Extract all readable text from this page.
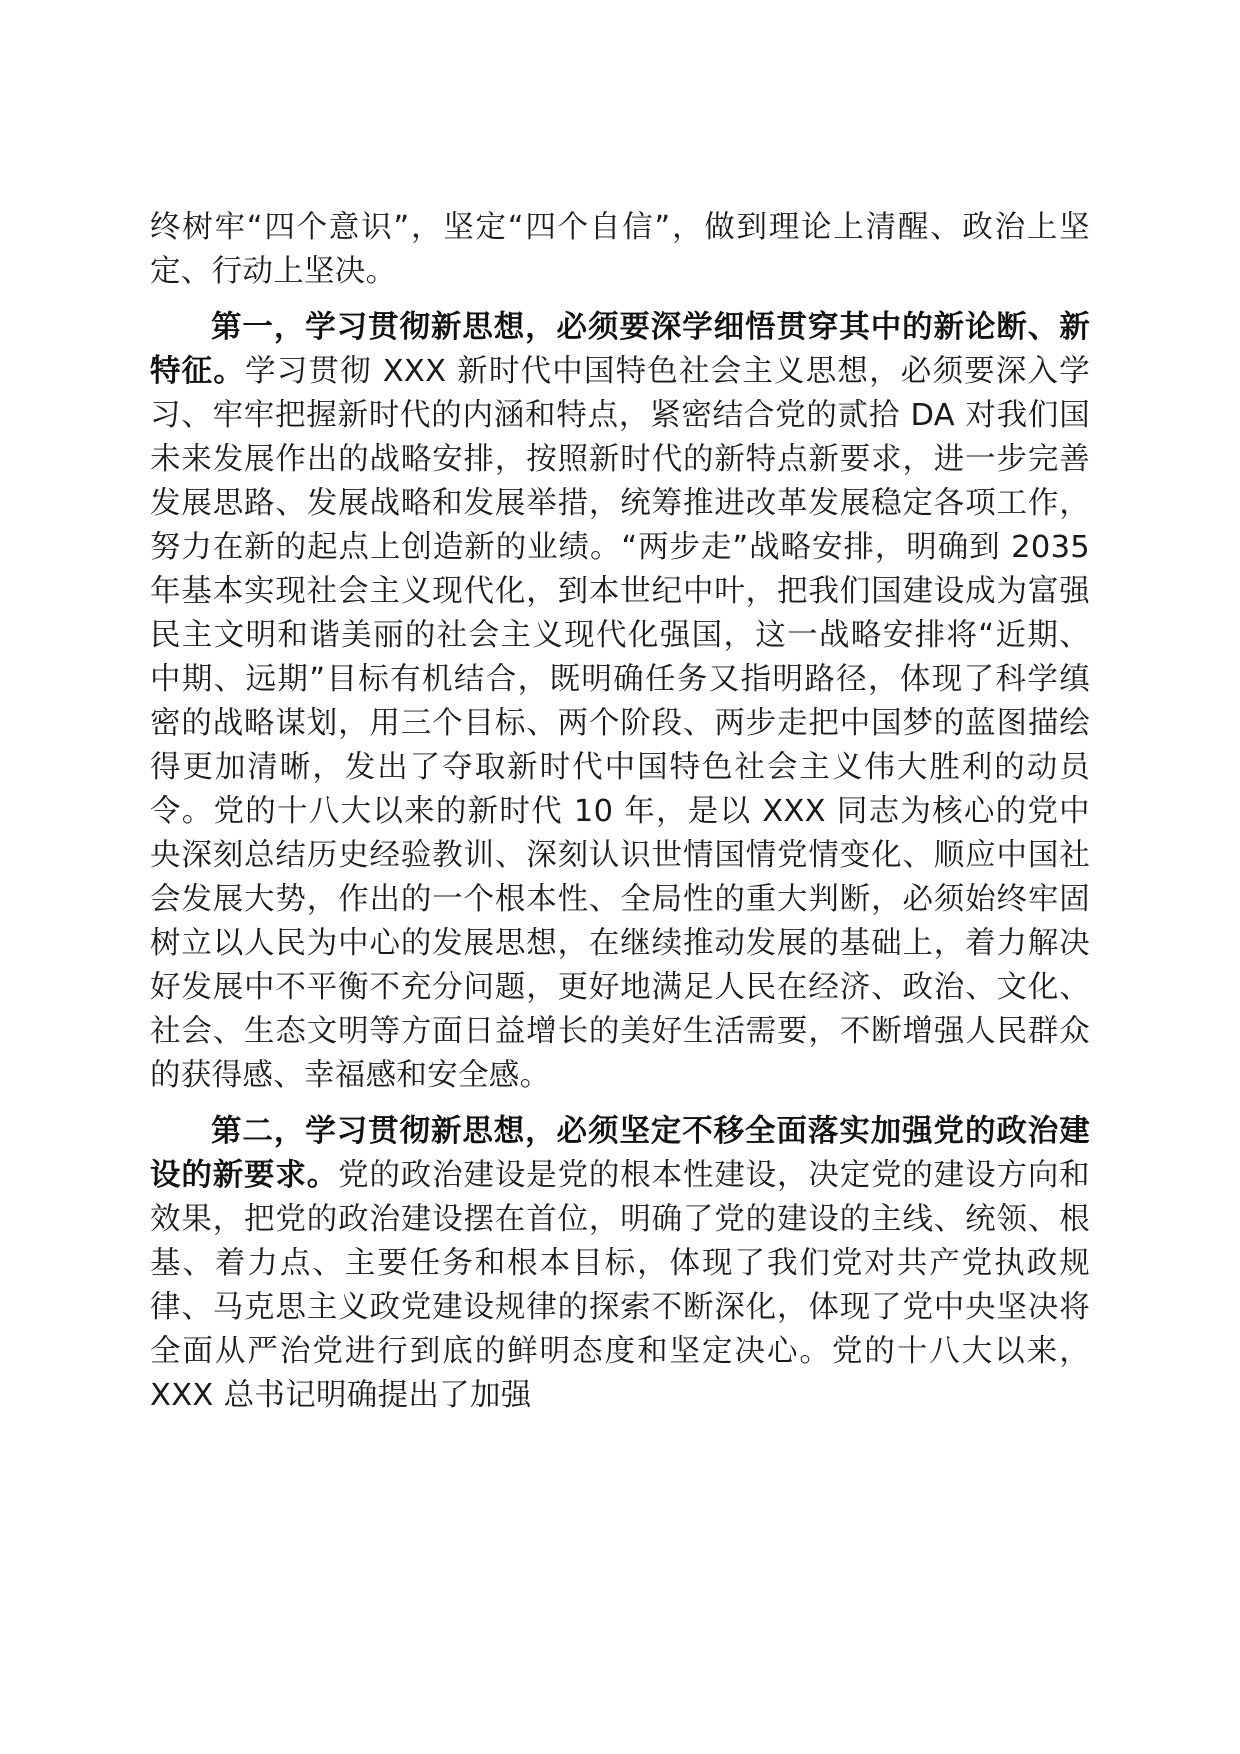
终树牢“四个意识”，坚定“四个自信”，做到理论上清醒、政治上坚定、行动上坚决。

第一，学习贯彻新思想，必须要深学细悟贯穿其中的新论断、新特征。学习贯彻 XXX 新时代中国特色社会主义思想，必须要深入学习、牢牢把握新时代的内涵和特点，紧密结合党的贰拾 DA 对我们国未来发展作出的战略安排，按照新时代的新特点新要求，进一步完善发展思路、发展战略和发展举措，统筹推进改革发展稳定各项工作，努力在新的起点上创造新的业绩。“两步走”战略安排，明确到 2035 年基本实现社会主义现代化，到本世纪中叶，把我们国建设成为富强民主文明和谐美丽的社会主义现代化强国，这一战略安排将“近期、中期、远期”目标有机结合，既明确任务又指明路径，体现了科学缜密的战略谋划，用三个目标、两个阶段、两步走把中国梦的蓝图描绘得更加清晰，发出了夺取新时代中国特色社会主义伟大胜利的动员令。党的十八大以来的新时代 10 年，是以 XXX 同志为核心的党中央深刻总结历史经验教训、深刻认识世情国情党情变化、顺应中国社会发展大势，作出的一个根本性、全局性的重大判断，必须始终牢固树立以人民为中心的发展思想，在继续推动发展的基础上，着力解决好发展中不平衡不充分问题，更好地满足人民在经济、政治、文化、社会、生态文明等方面日益增长的美好生活需要，不断增强人民群众的获得感、幸福感和安全感。

第二，学习贯彻新思想，必须坚定不移全面落实加强党的政治建设的新要求。党的政治建设是党的根本性建设，决定党的建设方向和效果，把党的政治建设摆在首位，明确了党的建设的主线、统领、根基、着力点、主要任务和根本目标，体现了我们党对共产党执政规律、马克思主义政党建设规律的探索不断深化，体现了党中央坚决将全面从严治党进行到底的鲜明态度和坚定决心。党的十八大以来，XXX 总书记明确提出了加强
